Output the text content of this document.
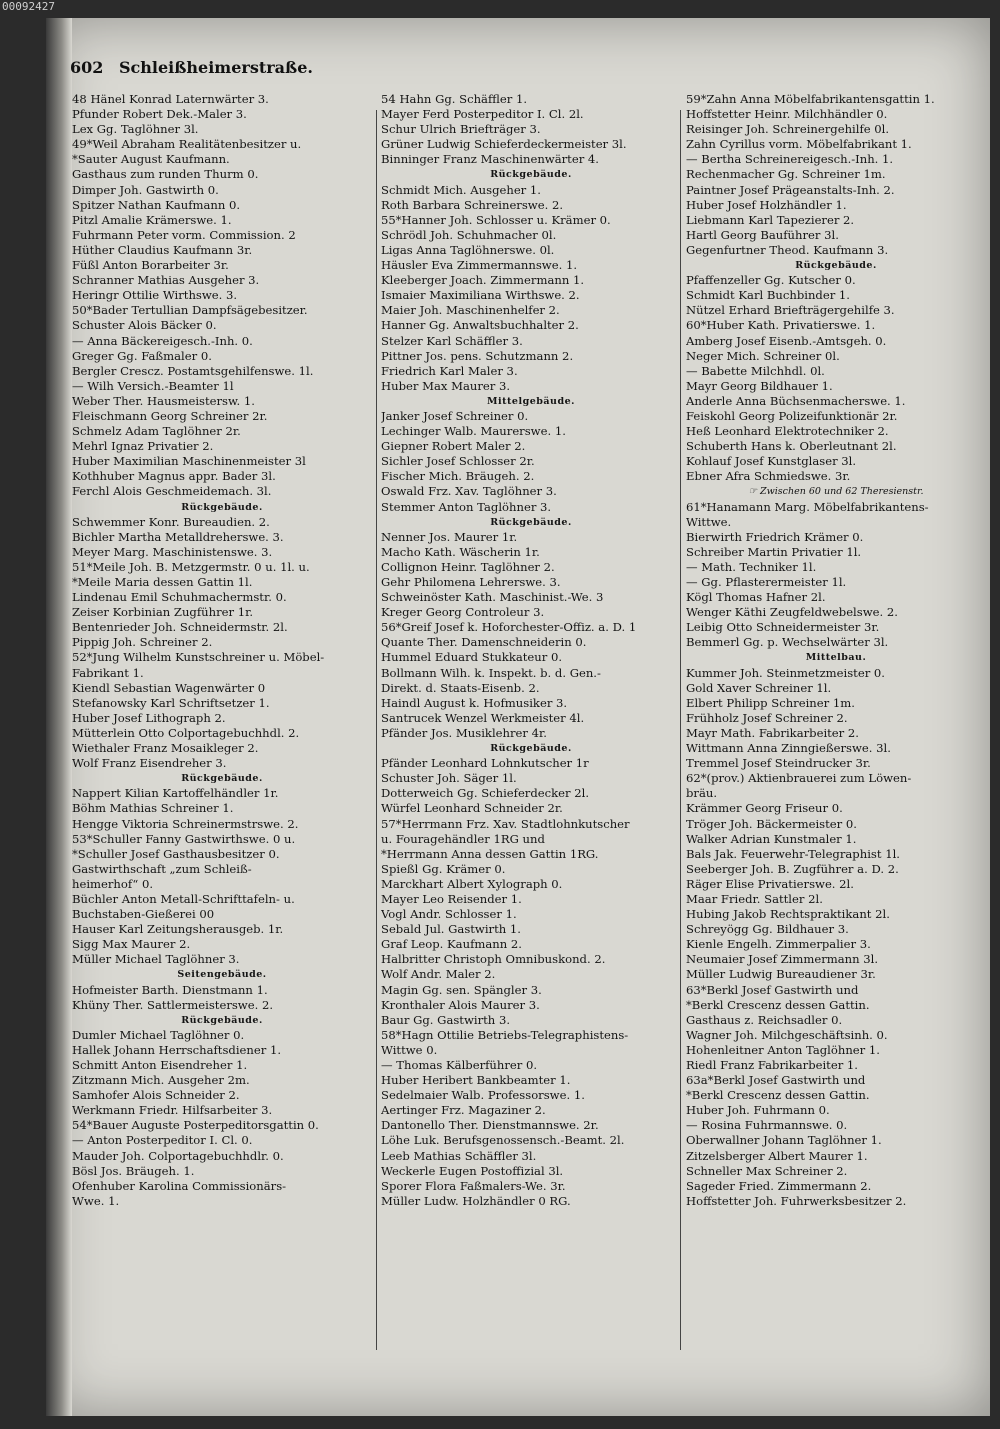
00092427
602 Schleißheimerstraße.
48 Hänel Konrad Laternwärter 3.
Pfunder Robert Dek.-Maler 3.
Lex Gg. Taglöhner 3l.
49*Weil Abraham Realitätenbesitzer u.
*Sauter August Kaufmann.
Gasthaus zum runden Thurm 0.
Dimper Joh. Gastwirth 0.
Spitzer Nathan Kaufmann 0.
Pitzl Amalie Krämerswe. 1.
Fuhrmann Peter vorm. Commission. 2
Hüther Claudius Kaufmann 3r.
Füßl Anton Borarbeiter 3r.
Schranner Mathias Ausgeher 3.
Heringr Ottilie Wirthswe. 3.
50*Bader Tertullian Dampfsägebesitzer.
Schuster Alois Bäcker 0.
— Anna Bäckereigesch.-Inh. 0.
Greger Gg. Faßmaler 0.
Bergler Crescz. Postamtsgehilfenswe. 1l.
— Wilh Versich.-Beamter 1l
Weber Ther. Hausmeistersw. 1.
Fleischmann Georg Schreiner 2r.
Schmelz Adam Taglöhner 2r.
Mehrl Ignaz Privatier 2.
Huber Maximilian Maschinenmeister 3l
Kothhuber Magnus appr. Bader 3l.
Ferchl Alois Geschmeidemach. 3l.
Rückgebäude.
Schwemmer Konr. Bureaudien. 2.
Bichler Martha Metalldreherswe. 3.
Meyer Marg. Maschinistenswe. 3.
51*Meile Joh. B. Metzgermstr. 0 u. 1l. u.
*Meile Maria dessen Gattin 1l.
Lindenau Emil Schuhmachermstr. 0.
Zeiser Korbinian Zugführer 1r.
Bentenrieder Joh. Schneidermstr. 2l.
Pippig Joh. Schreiner 2.
52*Jung Wilhelm Kunstschreiner u. Möbel-
Fabrikant 1.
Kiendl Sebastian Wagenwärter 0
Stefanowsky Karl Schriftsetzer 1.
Huber Josef Lithograph 2.
Mütterlein Otto Colportagebuchhdl. 2.
Wiethaler Franz Mosaikleger 2.
Wolf Franz Eisendreher 3.
Rückgebäude.
Nappert Kilian Kartoffelhändler 1r.
Böhm Mathias Schreiner 1.
Hengge Viktoria Schreinermstrswe. 2.
53*Schuller Fanny Gastwirthswe. 0 u.
*Schuller Josef Gasthausbesitzer 0.
Gastwirthschaft „zum Schleiß-
heimerhof“ 0.
Büchler Anton Metall-Schrifttafeln- u.
Buchstaben-Gießerei 00
Hauser Karl Zeitungsherausgeb. 1r.
Sigg Max Maurer 2.
Müller Michael Taglöhner 3.
Seitengebäude.
Hofmeister Barth. Dienstmann 1.
Khüny Ther. Sattlermeisterswe. 2.
Rückgebäude.
Dumler Michael Taglöhner 0.
Hallek Johann Herrschaftsdiener 1.
Schmitt Anton Eisendreher 1.
Zitzmann Mich. Ausgeher 2m.
Samhofer Alois Schneider 2.
Werkmann Friedr. Hilfsarbeiter 3.
54*Bauer Auguste Posterpeditorsgattin 0.
— Anton Posterpeditor I. Cl. 0.
Mauder Joh. Colportagebuchhdlr. 0.
Bösl Jos. Bräugeh. 1.
Ofenhuber Karolina Commissionärs-
Wwe. 1.
54 Hahn Gg. Schäffler 1.
Mayer Ferd Posterpeditor I. Cl. 2l.
Schur Ulrich Briefträger 3.
Grüner Ludwig Schieferdeckermeister 3l.
Binninger Franz Maschinenwärter 4.
Rückgebäude.
Schmidt Mich. Ausgeher 1.
Roth Barbara Schreinerswe. 2.
55*Hanner Joh. Schlosser u. Krämer 0.
Schrödl Joh. Schuhmacher 0l.
Ligas Anna Taglöhnerswe. 0l.
Häusler Eva Zimmermannswe. 1.
Kleeberger Joach. Zimmermann 1.
Ismaier Maximiliana Wirthswe. 2.
Maier Joh. Maschinenhelfer 2.
Hanner Gg. Anwaltsbuchhalter 2.
Stelzer Karl Schäffler 3.
Pittner Jos. pens. Schutzmann 2.
Friedrich Karl Maler 3.
Huber Max Maurer 3.
Mittelgebäude.
Janker Josef Schreiner 0.
Lechinger Walb. Maurerswe. 1.
Giepner Robert Maler 2.
Sichler Josef Schlosser 2r.
Fischer Mich. Bräugeh. 2.
Oswald Frz. Xav. Taglöhner 3.
Stemmer Anton Taglöhner 3.
Rückgebäude.
Nenner Jos. Maurer 1r.
Macho Kath. Wäscherin 1r.
Collignon Heinr. Taglöhner 2.
Gehr Philomena Lehrerswe. 3.
Schweinöster Kath. Maschinist.-We. 3
Kreger Georg Controleur 3.
56*Greif Josef k. Hoforchester-Offiz. a. D. 1
Quante Ther. Damenschneiderin 0.
Hummel Eduard Stukkateur 0.
Bollmann Wilh. k. Inspekt. b. d. Gen.-
Direkt. d. Staats-Eisenb. 2.
Haindl August k. Hofmusiker 3.
Santrucek Wenzel Werkmeister 4l.
Pfänder Jos. Musiklehrer 4r.
Rückgebäude.
Pfänder Leonhard Lohnkutscher 1r
Schuster Joh. Säger 1l.
Dotterweich Gg. Schieferdecker 2l.
Würfel Leonhard Schneider 2r.
57*Herrmann Frz. Xav. Stadtlohnkutscher
u. Fouragehändler 1RG und
*Herrmann Anna dessen Gattin 1RG.
Spießl Gg. Krämer 0.
Marckhart Albert Xylograph 0.
Mayer Leo Reisender 1.
Vogl Andr. Schlosser 1.
Sebald Jul. Gastwirth 1.
Graf Leop. Kaufmann 2.
Halbritter Christoph Omnibuskond. 2.
Wolf Andr. Maler 2.
Magin Gg. sen. Spängler 3.
Kronthaler Alois Maurer 3.
Baur Gg. Gastwirth 3.
58*Hagn Ottilie Betriebs-Telegraphistens-
Wittwe 0.
— Thomas Kälberführer 0.
Huber Heribert Bankbeamter 1.
Sedelmaier Walb. Professorswe. 1.
Aertinger Frz. Magaziner 2.
Dantonello Ther. Dienstmannswe. 2r.
Löhe Luk. Berufsgenossensch.-Beamt. 2l.
Leeb Mathias Schäffler 3l.
Weckerle Eugen Postoffizial 3l.
Sporer Flora Faßmalers-We. 3r.
Müller Ludw. Holzhändler 0 RG.
59*Zahn Anna Möbelfabrikantensgattin 1.
Hoffstetter Heinr. Milchhändler 0.
Reisinger Joh. Schreinergehilfe 0l.
Zahn Cyrillus vorm. Möbelfabrikant 1.
— Bertha Schreinereigesch.-Inh. 1.
Rechenmacher Gg. Schreiner 1m.
Paintner Josef Prägeanstalts-Inh. 2.
Huber Josef Holzhändler 1.
Liebmann Karl Tapezierer 2.
Hartl Georg Bauführer 3l.
Gegenfurtner Theod. Kaufmann 3.
Rückgebäude.
Pfaffenzeller Gg. Kutscher 0.
Schmidt Karl Buchbinder 1.
Nützel Erhard Briefträgergehilfe 3.
60*Huber Kath. Privatierswe. 1.
Amberg Josef Eisenb.-Amtsgeh. 0.
Neger Mich. Schreiner 0l.
— Babette Milchhdl. 0l.
Mayr Georg Bildhauer 1.
Anderle Anna Büchsenmacherswe. 1.
Feiskohl Georg Polizeifunktionär 2r.
Heß Leonhard Elektrotechniker 2.
Schuberth Hans k. Oberleutnant 2l.
Kohlauf Josef Kunstglaser 3l.
Ebner Afra Schmiedswe. 3r.
☞ Zwischen 60 und 62 Theresienstr.
61*Hanamann Marg. Möbelfabrikantens-
Wittwe.
Bierwirth Friedrich Krämer 0.
Schreiber Martin Privatier 1l.
— Math. Techniker 1l.
— Gg. Pflasterermeister 1l.
Kögl Thomas Hafner 2l.
Wenger Käthi Zeugfeldwebelswe. 2.
Leibig Otto Schneidermeister 3r.
Bemmerl Gg. p. Wechselwärter 3l.
Mittelbau.
Kummer Joh. Steinmetzmeister 0.
Gold Xaver Schreiner 1l.
Elbert Philipp Schreiner 1m.
Frühholz Josef Schreiner 2.
Mayr Math. Fabrikarbeiter 2.
Wittmann Anna Zinngießerswe. 3l.
Tremmel Josef Steindrucker 3r.
62*(prov.) Aktienbrauerei zum Löwen-
bräu.
Krämmer Georg Friseur 0.
Tröger Joh. Bäckermeister 0.
Walker Adrian Kunstmaler 1.
Bals Jak. Feuerwehr-Telegraphist 1l.
Seeberger Joh. B. Zugführer a. D. 2.
Räger Elise Privatierswe. 2l.
Maar Friedr. Sattler 2l.
Hubing Jakob Rechtspraktikant 2l.
Schreyögg Gg. Bildhauer 3.
Kienle Engelh. Zimmerpalier 3.
Neumaier Josef Zimmermann 3l.
Müller Ludwig Bureaudiener 3r.
63*Berkl Josef Gastwirth und
*Berkl Crescenz dessen Gattin.
Gasthaus z. Reichsadler 0.
Wagner Joh. Milchgeschäftsinh. 0.
Hohenleitner Anton Taglöhner 1.
Riedl Franz Fabrikarbeiter 1.
63a*Berkl Josef Gastwirth und
*Berkl Crescenz dessen Gattin.
Huber Joh. Fuhrmann 0.
— Rosina Fuhrmannswe. 0.
Oberwallner Johann Taglöhner 1.
Zitzelsberger Albert Maurer 1.
Schneller Max Schreiner 2.
Sageder Fried. Zimmermann 2.
Hoffstetter Joh. Fuhrwerksbesitzer 2.
